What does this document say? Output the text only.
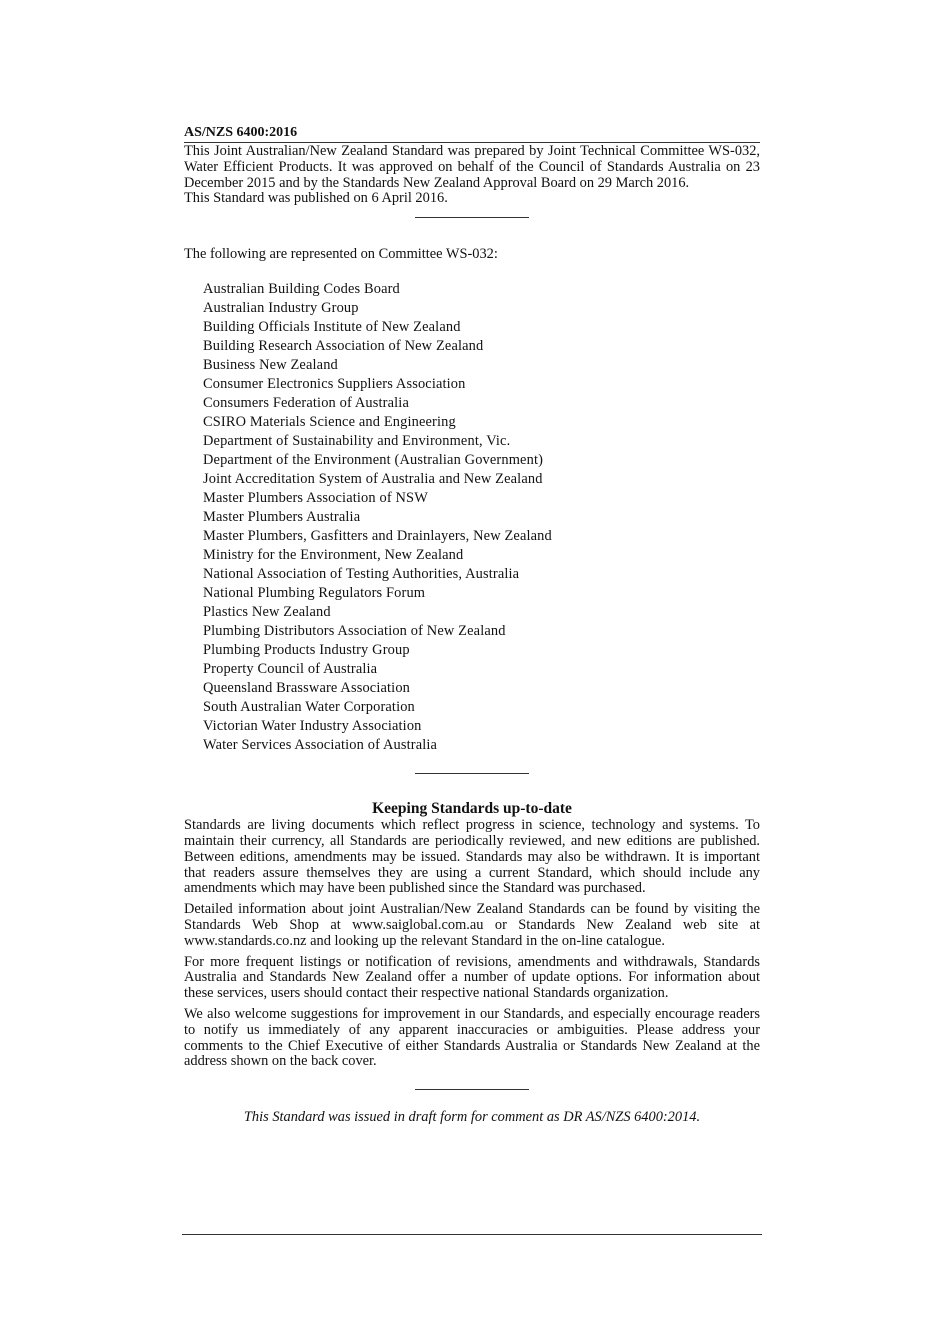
AS/NZS 6400:2016

This Joint Australian/New Zealand Standard was prepared by Joint Technical Committee WS-032, Water Efficient Products. It was approved on behalf of the Council of Standards Australia on 23 December 2015 and by the Standards New Zealand Approval Board on 29 March 2016.

This Standard was published on 6 April 2016.

The following are represented on Committee WS-032:

Australian Building Codes Board
Australian Industry Group
Building Officials Institute of New Zealand
Building Research Association of New Zealand
Business New Zealand
Consumer Electronics Suppliers Association
Consumers Federation of Australia
CSIRO Materials Science and Engineering
Department of Sustainability and Environment, Vic.
Department of the Environment (Australian Government)
Joint Accreditation System of Australia and New Zealand
Master Plumbers Association of NSW
Master Plumbers Australia
Master Plumbers, Gasfitters and Drainlayers, New Zealand
Ministry for the Environment, New Zealand
National Association of Testing Authorities, Australia
National Plumbing Regulators Forum
Plastics New Zealand
Plumbing Distributors Association of New Zealand
Plumbing Products Industry Group
Property Council of Australia
Queensland Brassware Association
South Australian Water Corporation
Victorian Water Industry Association
Water Services Association of Australia
Keeping Standards up-to-date

Standards are living documents which reflect progress in science, technology and systems. To maintain their currency, all Standards are periodically reviewed, and new editions are published. Between editions, amendments may be issued. Standards may also be withdrawn. It is important that readers assure themselves they are using a current Standard, which should include any amendments which may have been published since the Standard was purchased.

Detailed information about joint Australian/New Zealand Standards can be found by visiting the Standards Web Shop at www.saiglobal.com.au or Standards New Zealand web site at www.standards.co.nz and looking up the relevant Standard in the on-line catalogue.

For more frequent listings or notification of revisions, amendments and withdrawals, Standards Australia and Standards New Zealand offer a number of update options. For information about these services, users should contact their respective national Standards organization.

We also welcome suggestions for improvement in our Standards, and especially encourage readers to notify us immediately of any apparent inaccuracies or ambiguities. Please address your comments to the Chief Executive of either Standards Australia or Standards New Zealand at the address shown on the back cover.

This Standard was issued in draft form for comment as DR AS/NZS 6400:2014.
